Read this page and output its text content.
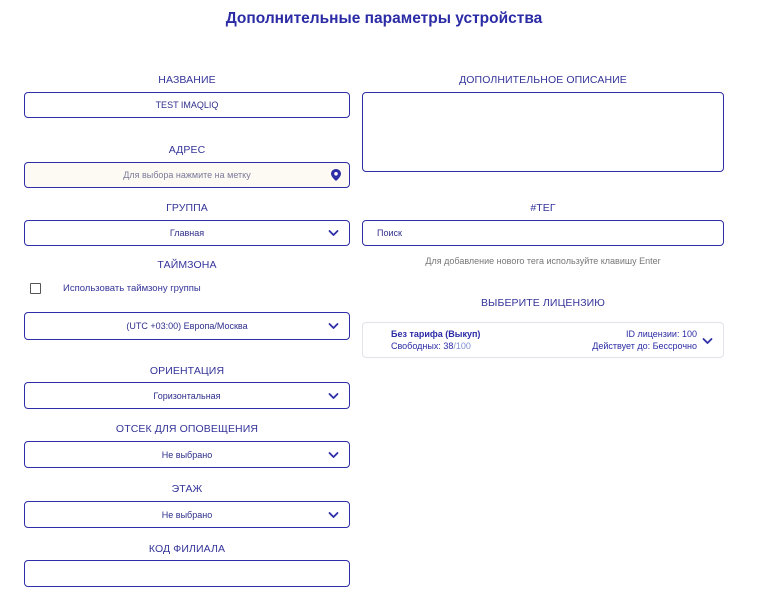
Дополнительные параметры устройства
НАЗВАНИЕ
TEST IMAQLIQ
АДРЕС
Для выбора нажмите на метку
ГРУППА
Главная
ТАЙМЗОНА
Использовать таймзону группы
(UTC +03:00) Европа/Москва
ОРИЕНТАЦИЯ
Горизонтальная
ОТСЕК ДЛЯ ОПОВЕЩЕНИЯ
Не выбрано
ЭТАЖ
Не выбрано
КОД ФИЛИАЛА
ДОПОЛНИТЕЛЬНОЕ ОПИСАНИЕ
#ТЕГ
Поиск
Для добавление нового тега используйте клавишу Enter
ВЫБЕРИТЕ ЛИЦЕНЗИЮ
Без тарифа (Выкуп)
Свободных: 38/100
ID лицензии: 100
Действует до: Бессрочно
